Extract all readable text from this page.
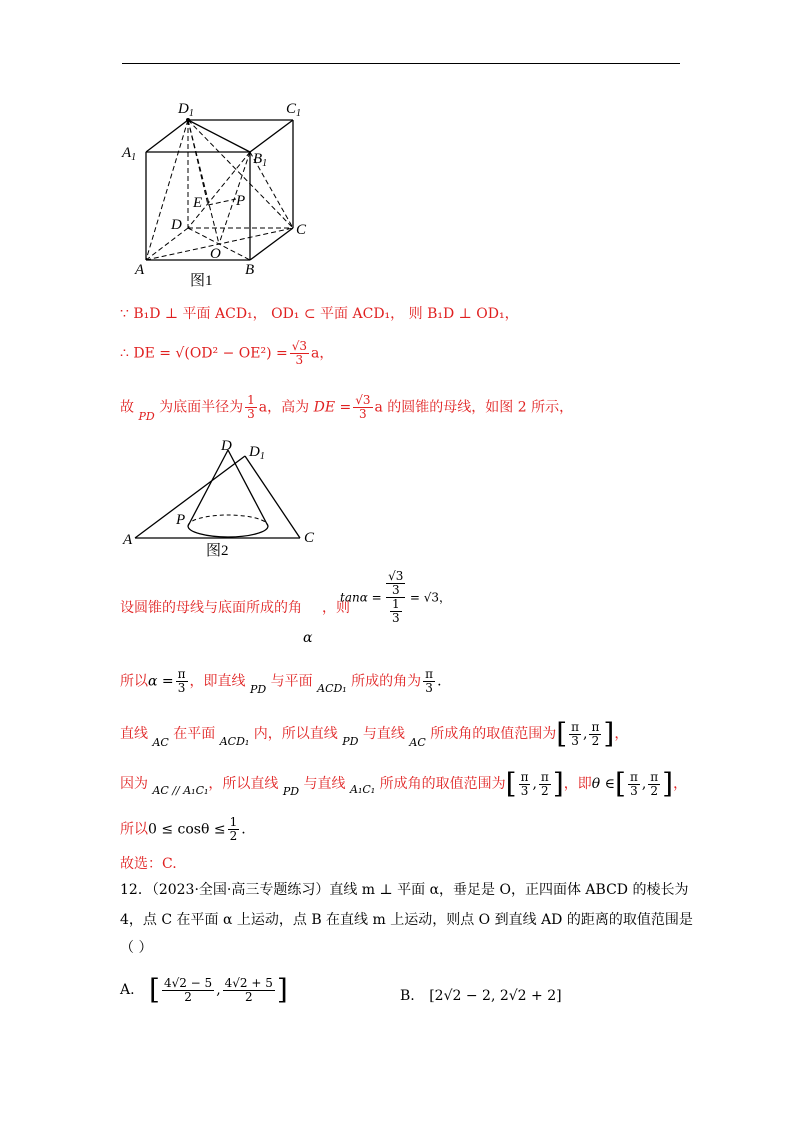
$D_1$	$C_1$
$A_1$	$B_1$
E P
D	C
O
A	B
图1
∵ B₁D ⊥ 平面 ACD₁， OD₁ ⊂ 平面 ACD₁， 则 B₁D ⊥ OD₁，
∴ DE = $√(OD^2 - OE^2) = \frac{√3}{3}$ a，
故 $_{PD}$ 为底面半径为 $\frac{1}{3}$ a，高为 DE = $\frac{√3}{3}$ a 的圆锥的母线，如图 2 所示，
D $D_1$
P
A	C
图2
设圆锥的母线与底面所成的角 ，则
α
$\tan\alpha = \frac{\frac{√3}{3}}{\frac{1}{3}} = √3$，
所以$\alpha = \frac{\pi}{3}$ ，即直线 $_{PD}$ 与平面 $_{ACD_1}$ 所成的角为 $\frac{\pi}{3}$ .
直线 $_{AC}$ 在平面 $_{ACD_1}$ 内，所以直线 $_{PD}$ 与直线 $_{AC}$ 所成角的取值范围为[ $\frac{\pi}{3}$ , $\frac{\pi}{2}$ ]，
因为 $_{AC // A_1C_1}$，所以直线 $_{PD}$ 与直线 $_{A_1C_1}$ 所成角的取值范围为[ $\frac{\pi}{3}$ , $\frac{\pi}{2}$ ]，即θ ∈[ $\frac{\pi}{3}$ , $\frac{\pi}{2}$ ]，
所以$0 \le \cos\theta \le \frac{1}{2}$ .
故选：C.
12．（2023·全国·高三专题练习）直线 m ⊥ 平面 α，垂足是 O，正四面体 ABCD 的棱长为
4，点 C 在平面 α 上运动，点 B 在直线 m 上运动，则点 O 到直线 AD 的距离的取值范围是
（ ）
A. [ $\frac{4√2 - 5}{2}$ , $\frac{4√2 + 5}{2}$ ]	B. [2√2 − 2, 2√2 + 2]
